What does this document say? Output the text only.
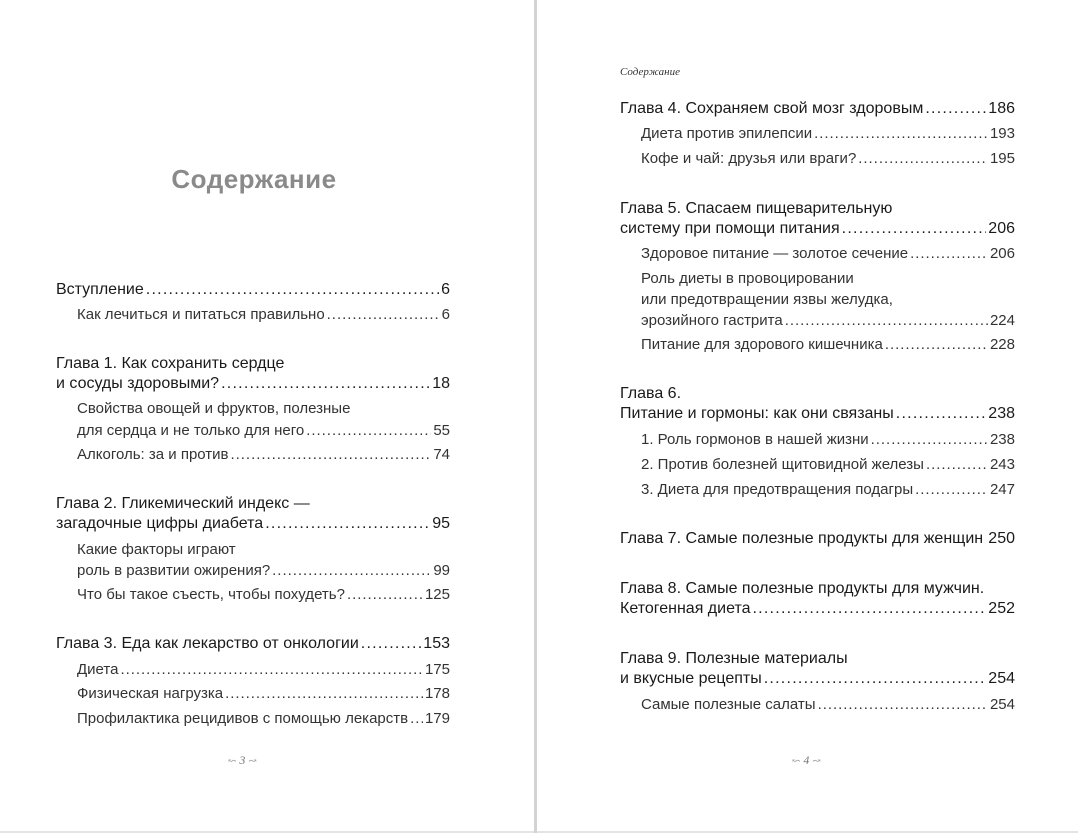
Содержание
Вступление . . .	6
Как лечиться и питаться правильно . . .	6
Глава 1. Как сохранить сердце
и сосуды здоровыми? . . .	18
Свойства овощей и фруктов, полезные
для сердца и не только для него . . .	55
Алкоголь: за и против . . .	74
Глава 2. Гликемический индекс —
загадочные цифры диабета . . .	95
Какие факторы играют
роль в развитии ожирения? . . .	99
Что бы такое съесть, чтобы похудеть? . . .	125
Глава 3. Еда как лекарство от онкологии . . .	153
Диета . . .	175
Физическая нагрузка . . .	178
Профилактика рецидивов с помощью лекарств . . . 179
↜ 3 ↝
Содержание
Глава 4. Сохраняем свой мозг здоровым . . .	186
Диета против эпилепсии . . .	193
Кофе и чай: друзья или враги? . . .	195
Глава 5. Спасаем пищеварительную
систему при помощи питания . . .	206
Здоровое питание — золотое сечение . . .	206
Роль диеты в провоцировании
или предотвращении язвы желудка,
эрозийного гастрита . . .	224
Питание для здорового кишечника . . .	228
Глава 6.
Питание и гормоны: как они связаны . . .	238
1. Роль гормонов в нашей жизни . . .	238
2. Против болезней щитовидной железы . . .	243
3. Диета для предотвращения подагры . . .	247
Глава 7. Самые полезные продукты для женщин . . . 250
Глава 8. Самые полезные продукты для мужчин.
Кетогенная диета . . .	252
Глава 9. Полезные материалы
и вкусные рецепты . . .	254
Самые полезные салаты . . .	254
↜ 4 ↝
